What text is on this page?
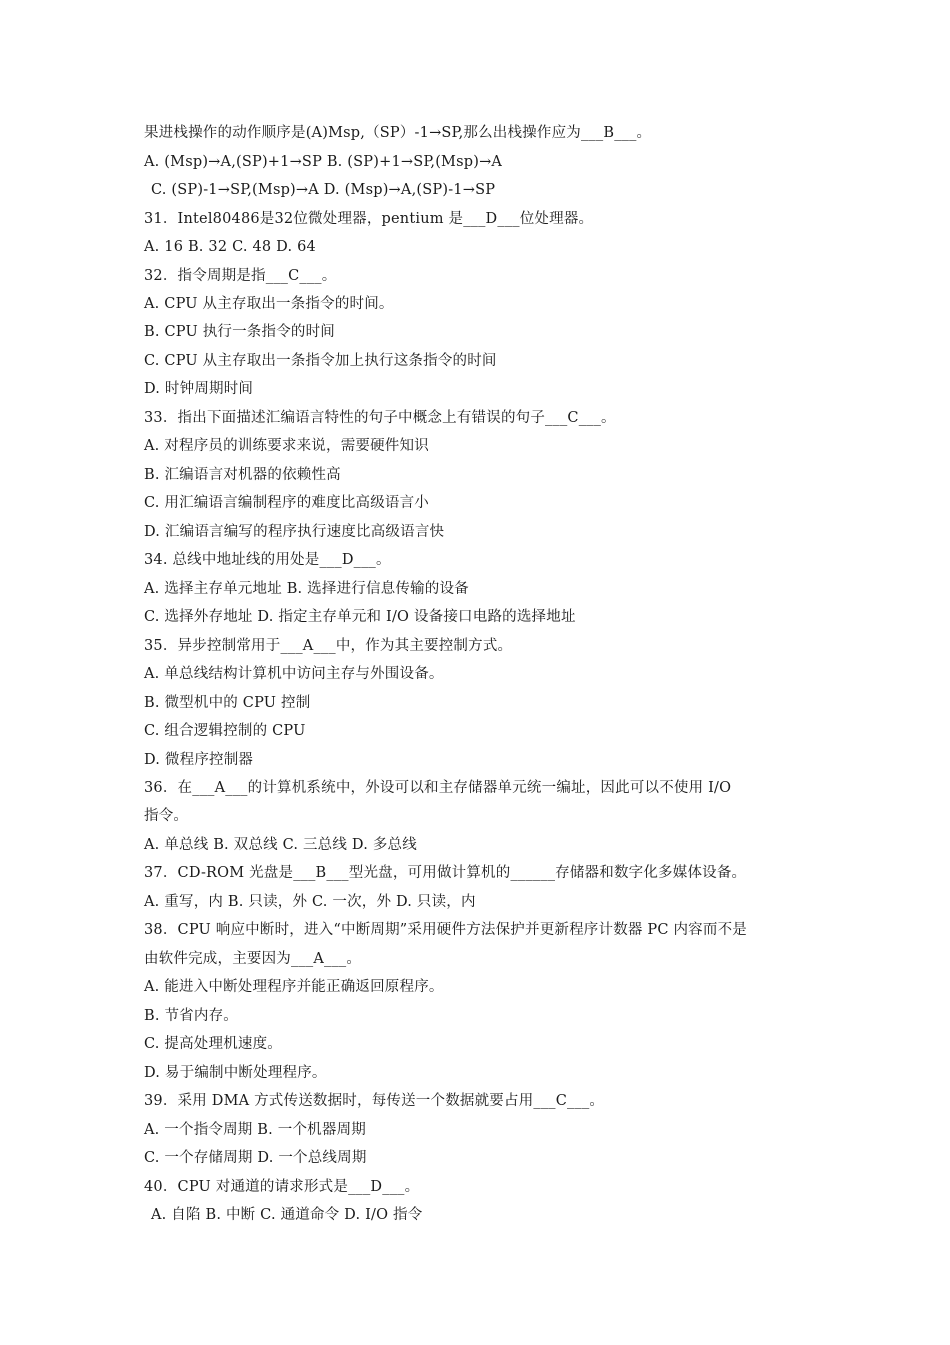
果进栈操作的动作顺序是(A)Msp,（SP）-1→SP,那么出栈操作应为___B___。
A. (Msp)→A,(SP)+1→SP B. (SP)+1→SP,(Msp)→A
C. (SP)-1→SP,(Msp)→A D. (Msp)→A,(SP)-1→SP
31．Intel80486是32位微处理器，pentium 是___D___位处理器。
A. 16 B. 32 C. 48 D. 64
32．指令周期是指___C___。
A. CPU 从主存取出一条指令的时间。
B. CPU 执行一条指令的时间
C. CPU 从主存取出一条指令加上执行这条指令的时间
D. 时钟周期时间
33．指出下面描述汇编语言特性的句子中概念上有错误的句子___C___。
A. 对程序员的训练要求来说，需要硬件知识
B. 汇编语言对机器的依赖性高
C. 用汇编语言编制程序的难度比高级语言小
D. 汇编语言编写的程序执行速度比高级语言快
34. 总线中地址线的用处是___D___。
A. 选择主存单元地址 B. 选择进行信息传输的设备
C. 选择外存地址 D. 指定主存单元和 I/O 设备接口电路的选择地址
35．异步控制常用于___A___中，作为其主要控制方式。
A. 单总线结构计算机中访问主存与外围设备。
B. 微型机中的 CPU 控制
C. 组合逻辑控制的 CPU
D. 微程序控制器
36．在___A___的计算机系统中，外设可以和主存储器单元统一编址，因此可以不使用 I/O
指令。
A. 单总线 B. 双总线 C. 三总线 D. 多总线
37．CD-ROM 光盘是___B___型光盘，可用做计算机的______存储器和数字化多媒体设备。
A. 重写，内 B. 只读，外 C. 一次，外 D. 只读，内
38．CPU 响应中断时，进入“中断周期”采用硬件方法保护并更新程序计数器 PC 内容而不是
由软件完成，主要因为___A___。
A. 能进入中断处理程序并能正确返回原程序。
B. 节省内存。
C. 提高处理机速度。
D. 易于编制中断处理程序。
39．采用 DMA 方式传送数据时，每传送一个数据就要占用___C___。
A. 一个指令周期 B. 一个机器周期
C. 一个存储周期 D. 一个总线周期
40．CPU 对通道的请求形式是___D___。
A. 自陷 B. 中断 C. 通道命令 D. I/O 指令
